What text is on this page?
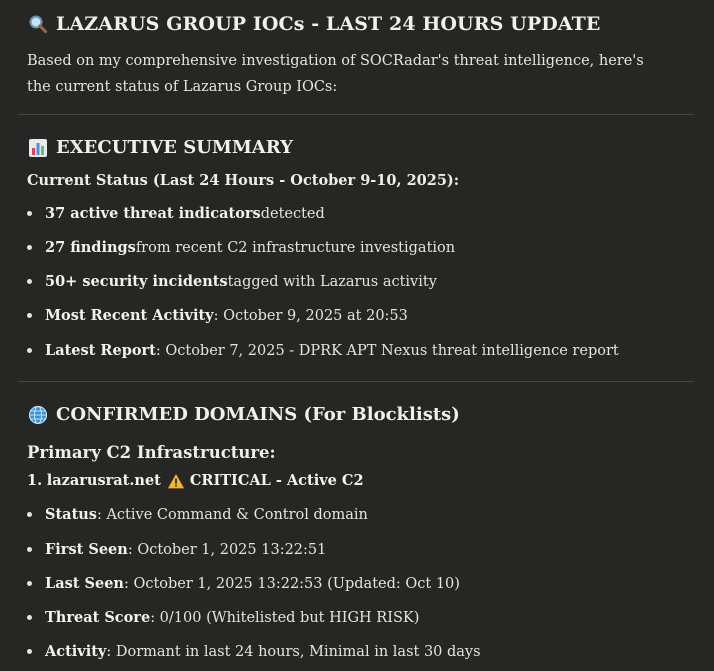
LAZARUS GROUP IOCs - LAST 24 HOURS UPDATE
Based on my comprehensive investigation of SOCRadar's threat intelligence, here's the current status of Lazarus Group IOCs:
EXECUTIVE SUMMARY
Current Status (Last 24 Hours - October 9-10, 2025):
37 active threat indicators detected
27 findings from recent C2 infrastructure investigation
50+ security incidents tagged with Lazarus activity
Most Recent Activity : October 9, 2025 at 20:53
Latest Report : October 7, 2025 - DPRK APT Nexus threat intelligence report
CONFIRMED DOMAINS (For Blocklists)
Primary C2 Infrastructure:
1.
lazarusrat.net CRITICAL - Active C2
Status : Active Command & Control domain
First Seen : October 1, 2025 13:22:51
Last Seen : October 1, 2025 13:22:53 (Updated: Oct 10)
Threat Score : 0/100 (Whitelisted but HIGH RISK)
Activity : Dormant in last 24 hours, Minimal in last 30 days
